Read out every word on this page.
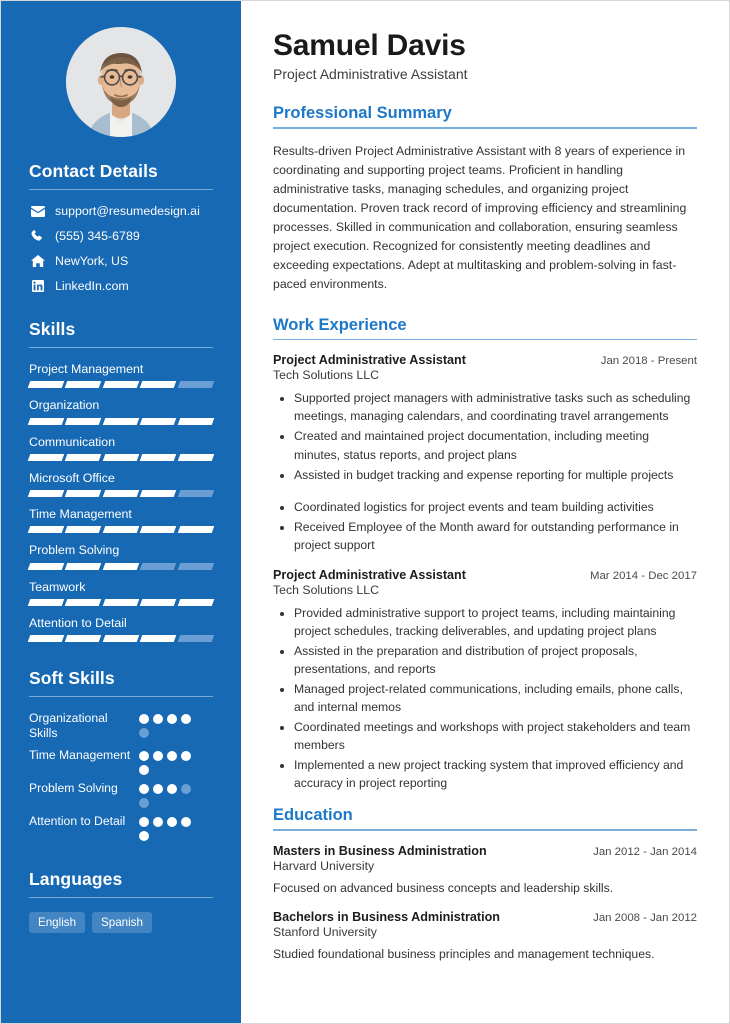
Contact Details
support@resumedesign.ai
(555) 345-6789
NewYork, US
LinkedIn.com
Skills
Project Management
Organization
Communication
Microsoft Office
Time Management
Problem Solving
Teamwork
Attention to Detail
Soft Skills
Organizational Skills
Time Management
Problem Solving
Attention to Detail
Languages
English	Spanish
Samuel Davis
Project Administrative Assistant
Professional Summary

Results-driven Project Administrative Assistant with 8 years of experience in coordinating and supporting project teams. Proficient in handling administrative tasks, managing schedules, and organizing project documentation. Proven track record of improving efficiency and streamlining processes. Skilled in communication and collaboration, ensuring seamless project execution. Recognized for consistently meeting deadlines and exceeding expectations. Adept at multitasking and problem-solving in fast-paced environments.

Work Experience
Project Administrative Assistant	Jan 2018 - Present
Tech Solutions LLC
• Supported project managers with administrative tasks such as scheduling meetings, managing calendars, and coordinating travel arrangements
• Created and maintained project documentation, including meeting minutes, status reports, and project plans
• Assisted in budget tracking and expense reporting for multiple projects
• Coordinated logistics for project events and team building activities
• Received Employee of the Month award for outstanding performance in project support
Project Administrative Assistant	Mar 2014 - Dec 2017
Tech Solutions LLC
• Provided administrative support to project teams, including maintaining project schedules, tracking deliverables, and updating project plans
• Assisted in the preparation and distribution of project proposals, presentations, and reports
• Managed project-related communications, including emails, phone calls, and internal memos
• Coordinated meetings and workshops with project stakeholders and team members
• Implemented a new project tracking system that improved efficiency and accuracy in project reporting
Education
Masters in Business Administration	Jan 2012 - Jan 2014
Harvard University

Focused on advanced business concepts and leadership skills.

Bachelors in Business Administration	Jan 2008 - Jan 2012
Stanford University

Studied foundational business principles and management techniques.
